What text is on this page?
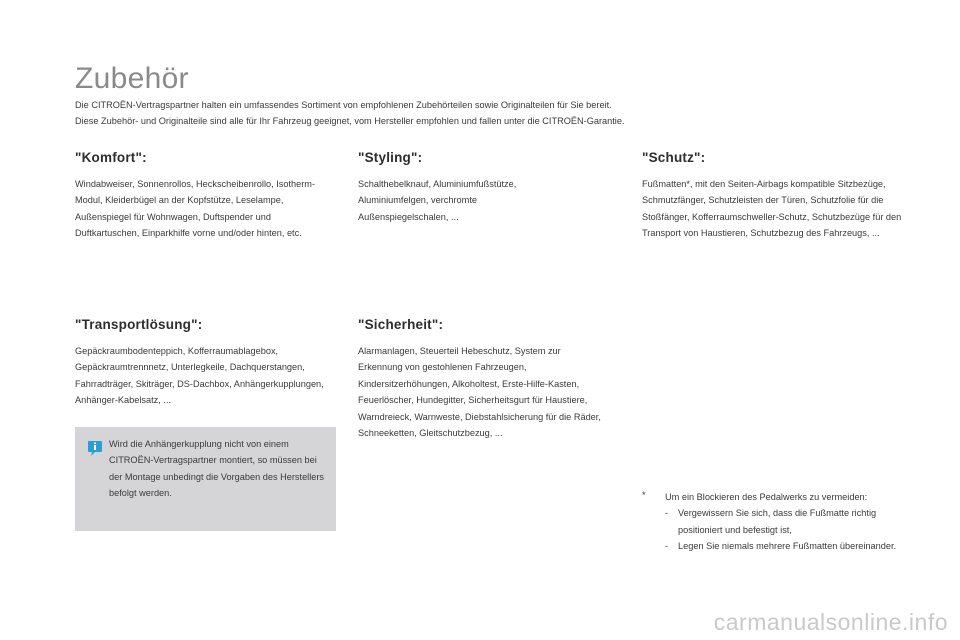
Zubehör

Die CITROËN-Vertragspartner halten ein umfassendes Sortiment von empfohlenen Zubehörteilen sowie Originalteilen für Sie bereit.

Diese Zubehör- und Originalteile sind alle für Ihr Fahrzeug geeignet, vom Hersteller empfohlen und fallen unter die CITROËN-Garantie.

"Komfort":

Windabweiser, Sonnenrollos, Heckscheibenrollo, Isotherm-Modul, Kleiderbügel an der Kopfstütze, Leselampe, Außenspiegel für Wohnwagen, Duftspender und Duftkartuschen, Einparkhilfe vorne und/oder hinten, etc.

"Styling":

Schalthebelknauf, Aluminiumfußstütze, Aluminiumfelgen, verchromte Außenspiegelschalen, ...

"Schutz":

Fußmatten*, mit den Seiten-Airbags kompatible Sitzbezüge, Schmutzfänger, Schutzleisten der Türen, Schutzfolie für die Stoßfänger, Kofferraumschweller-Schutz, Schutzbezüge für den Transport von Haustieren, Schutzbezug des Fahrzeugs, ...

"Transportlösung":

Gepäckraumbodenteppich, Kofferraumablagebox, Gepäckraumtrennnetz, Unterlegkeile, Dachquerstangen, Fahrradträger, Skiträger, DS-Dachbox, Anhängerkupplungen, Anhänger-Kabelsatz, ...

"Sicherheit":

Alarmanlagen, Steuerteil Hebeschutz, System zur Erkennung von gestohlenen Fahrzeugen, Kindersitzerhöhungen, Alkoholtest, Erste-Hilfe-Kasten, Feuerlöscher, Hundegitter, Sicherheitsgurt für Haustiere, Warndreieck, Warnweste, Diebstahlsicherung für die Räder, Schneeketten, Gleitschutzbezug, ...

Wird die Anhängerkupplung nicht von einem CITROËN-Vertragspartner montiert, so müssen bei der Montage unbedingt die Vorgaben des Herstellers befolgt werden.	* Um ein Blockieren des Pedalwerks zu vermeiden:
- Vergewissern Sie sich, dass die Fußmatte richtig positioniert und befestigt ist,
- Legen Sie niemals mehrere Fußmatten übereinander.
carmanualsonline.info
